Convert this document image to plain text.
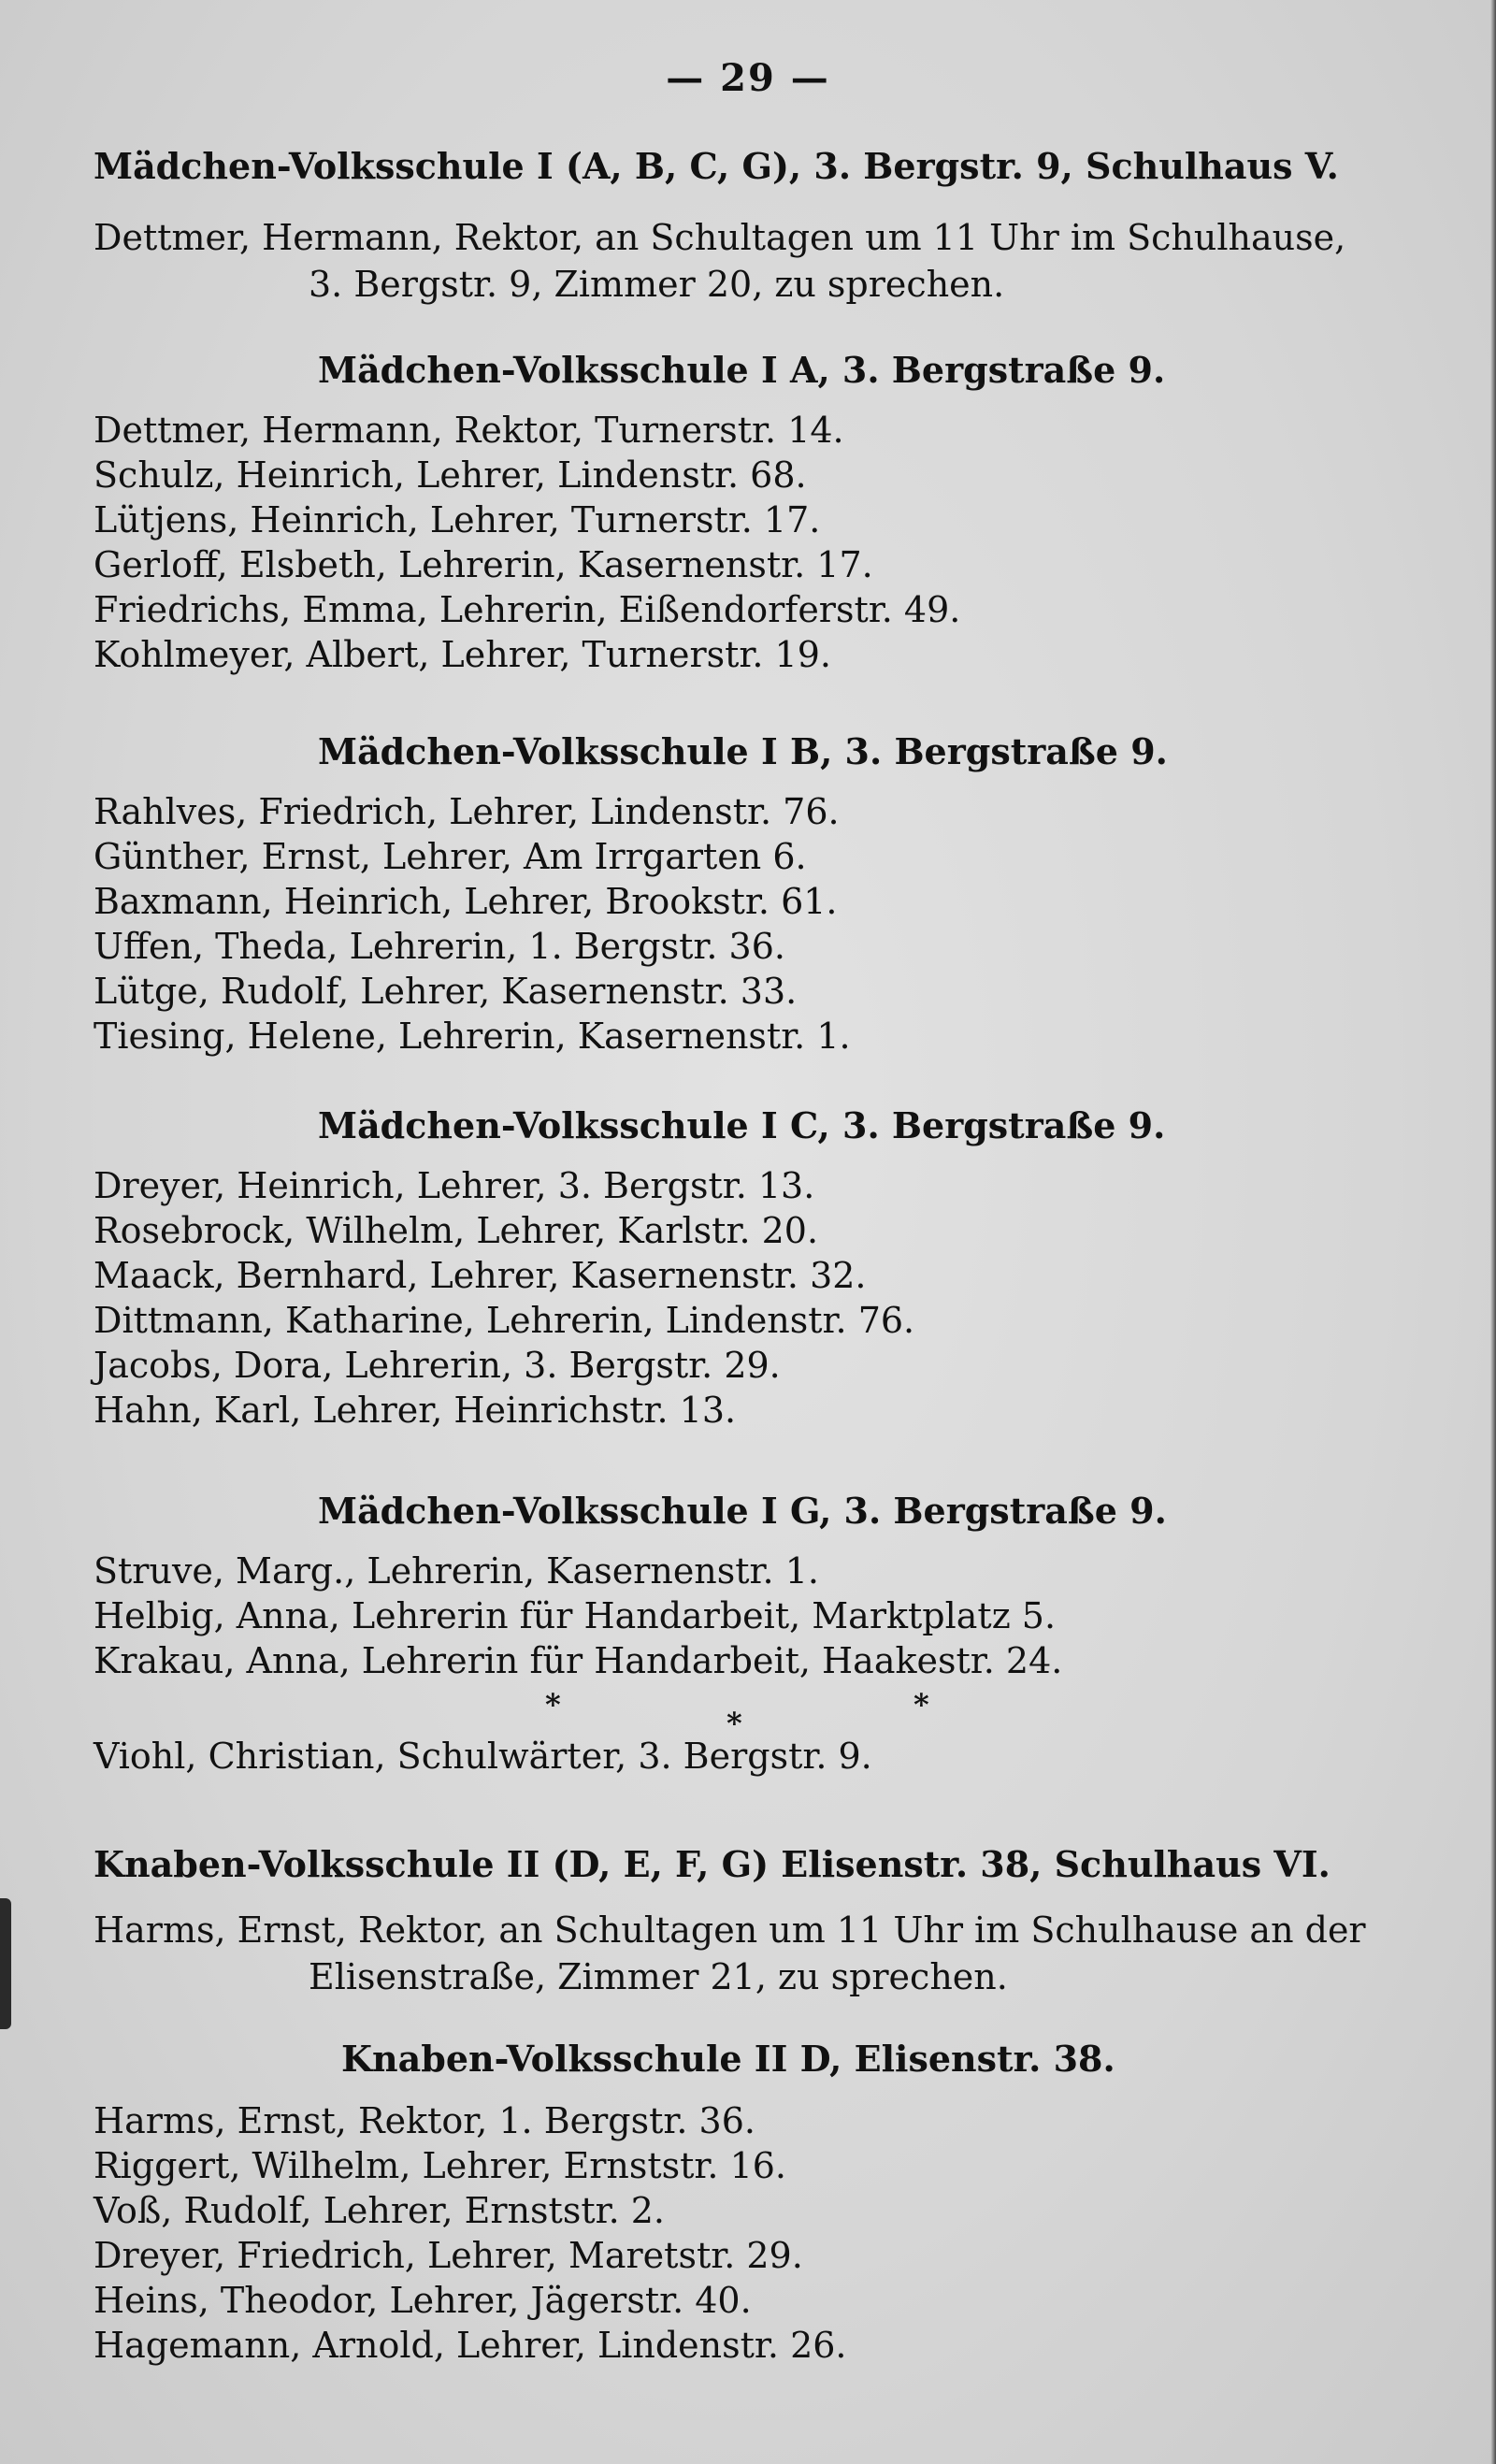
— 29 —
Mädchen-Volksschule I (A, B, C, G), 3. Bergstr. 9, Schulhaus V.
Dettmer, Hermann, Rektor, an Schultagen um 11 Uhr im Schulhause,
3. Bergstr. 9, Zimmer 20, zu sprechen.
Mädchen-Volksschule I A, 3. Bergstraße 9.
Dettmer, Hermann, Rektor, Turnerstr. 14.
Schulz, Heinrich, Lehrer, Lindenstr. 68.
Lütjens, Heinrich, Lehrer, Turnerstr. 17.
Gerloff, Elsbeth, Lehrerin, Kasernenstr. 17.
Friedrichs, Emma, Lehrerin, Eißendorferstr. 49.
Kohlmeyer, Albert, Lehrer, Turnerstr. 19.
Mädchen-Volksschule I B, 3. Bergstraße 9.
Rahlves, Friedrich, Lehrer, Lindenstr. 76.
Günther, Ernst, Lehrer, Am Irrgarten 6.
Baxmann, Heinrich, Lehrer, Brookstr. 61.
Uffen, Theda, Lehrerin, 1. Bergstr. 36.
Lütge, Rudolf, Lehrer, Kasernenstr. 33.
Tiesing, Helene, Lehrerin, Kasernenstr. 1.
Mädchen-Volksschule I C, 3. Bergstraße 9.
Dreyer, Heinrich, Lehrer, 3. Bergstr. 13.
Rosebrock, Wilhelm, Lehrer, Karlstr. 20.
Maack, Bernhard, Lehrer, Kasernenstr. 32.
Dittmann, Katharine, Lehrerin, Lindenstr. 76.
Jacobs, Dora, Lehrerin, 3. Bergstr. 29.
Hahn, Karl, Lehrer, Heinrichstr. 13.
Mädchen-Volksschule I G, 3. Bergstraße 9.
Struve, Marg., Lehrerin, Kasernenstr. 1.
Helbig, Anna, Lehrerin für Handarbeit, Marktplatz 5.
Krakau, Anna, Lehrerin für Handarbeit, Haakestr. 24.
*
*
*
Viohl, Christian, Schulwärter, 3. Bergstr. 9.
Knaben-Volksschule II (D, E, F, G) Elisenstr. 38, Schulhaus VI.
Harms, Ernst, Rektor, an Schultagen um 11 Uhr im Schulhause an der
Elisenstraße, Zimmer 21, zu sprechen.
Knaben-Volksschule II D, Elisenstr. 38.
Harms, Ernst, Rektor, 1. Bergstr. 36.
Riggert, Wilhelm, Lehrer, Ernststr. 16.
Voß, Rudolf, Lehrer, Ernststr. 2.
Dreyer, Friedrich, Lehrer, Maretstr. 29.
Heins, Theodor, Lehrer, Jägerstr. 40.
Hagemann, Arnold, Lehrer, Lindenstr. 26.
